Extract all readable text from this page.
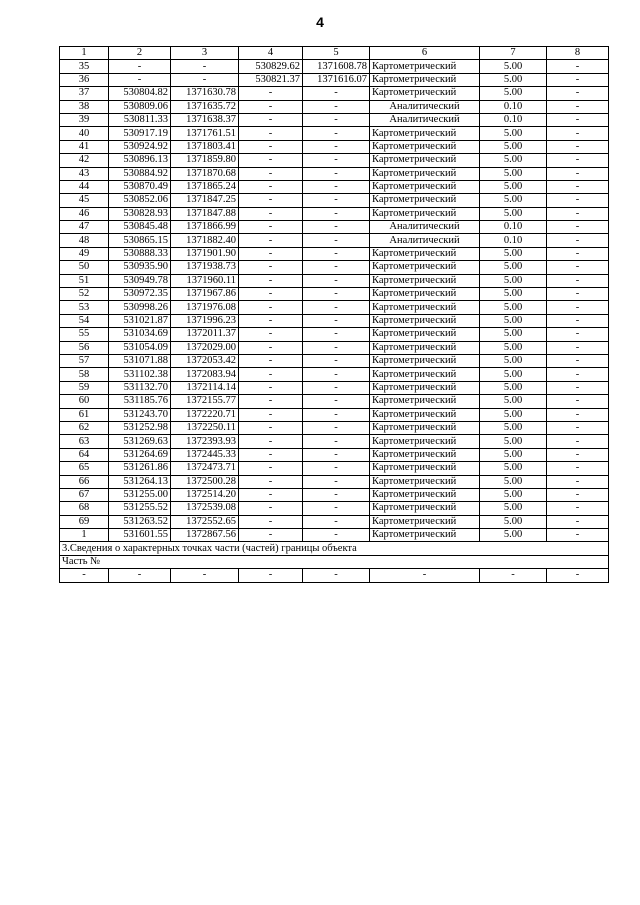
4
1	2	3	4	5	6	7	8
35	-	-	530829.62	1371608.78	Картометрический	5.00	-
36	-	-	530821.37	1371616.07	Картометрический	5.00	-
37	530804.82	1371630.78	-	-	Картометрический	5.00	-
38	530809.06	1371635.72	-	-	Аналитический	0.10	-
39	530811.33	1371638.37	-	-	Аналитический	0.10	-
40	530917.19	1371761.51	-	-	Картометрический	5.00	-
41	530924.92	1371803.41	-	-	Картометрический	5.00	-
42	530896.13	1371859.80	-	-	Картометрический	5.00	-
43	530884.92	1371870.68	-	-	Картометрический	5.00	-
44	530870.49	1371865.24	-	-	Картометрический	5.00	-
45	530852.06	1371847.25	-	-	Картометрический	5.00	-
46	530828.93	1371847.88	-	-	Картометрический	5.00	-
47	530845.48	1371866.99	-	-	Аналитический	0.10	-
48	530865.15	1371882.40	-	-	Аналитический	0.10	-
49	530888.33	1371901.90	-	-	Картометрический	5.00	-
50	530935.90	1371938.73	-	-	Картометрический	5.00	-
51	530949.78	1371960.11	-	-	Картометрический	5.00	-
52	530972.35	1371967.86	-	-	Картометрический	5.00	-
53	530998.26	1371976.08	-	-	Картометрический	5.00	-
54	531021.87	1371996.23	-	-	Картометрический	5.00	-
55	531034.69	1372011.37	-	-	Картометрический	5.00	-
56	531054.09	1372029.00	-	-	Картометрический	5.00	-
57	531071.88	1372053.42	-	-	Картометрический	5.00	-
58	531102.38	1372083.94	-	-	Картометрический	5.00	-
59	531132.70	1372114.14	-	-	Картометрический	5.00	-
60	531185.76	1372155.77	-	-	Картометрический	5.00	-
61	531243.70	1372220.71	-	-	Картометрический	5.00	-
62	531252.98	1372250.11	-	-	Картометрический	5.00	-
63	531269.63	1372393.93	-	-	Картометрический	5.00	-
64	531264.69	1372445.33	-	-	Картометрический	5.00	-
65	531261.86	1372473.71	-	-	Картометрический	5.00	-
66	531264.13	1372500.28	-	-	Картометрический	5.00	-
67	531255.00	1372514.20	-	-	Картометрический	5.00	-
68	531255.52	1372539.08	-	-	Картометрический	5.00	-
69	531263.52	1372552.65	-	-	Картометрический	5.00	-
1	531601.55	1372867.56	-	-	Картометрический	5.00	-
3.Сведения о характерных точках части (частей) границы объекта							
Часть №							
-	-	-	-	-	-	-	-
